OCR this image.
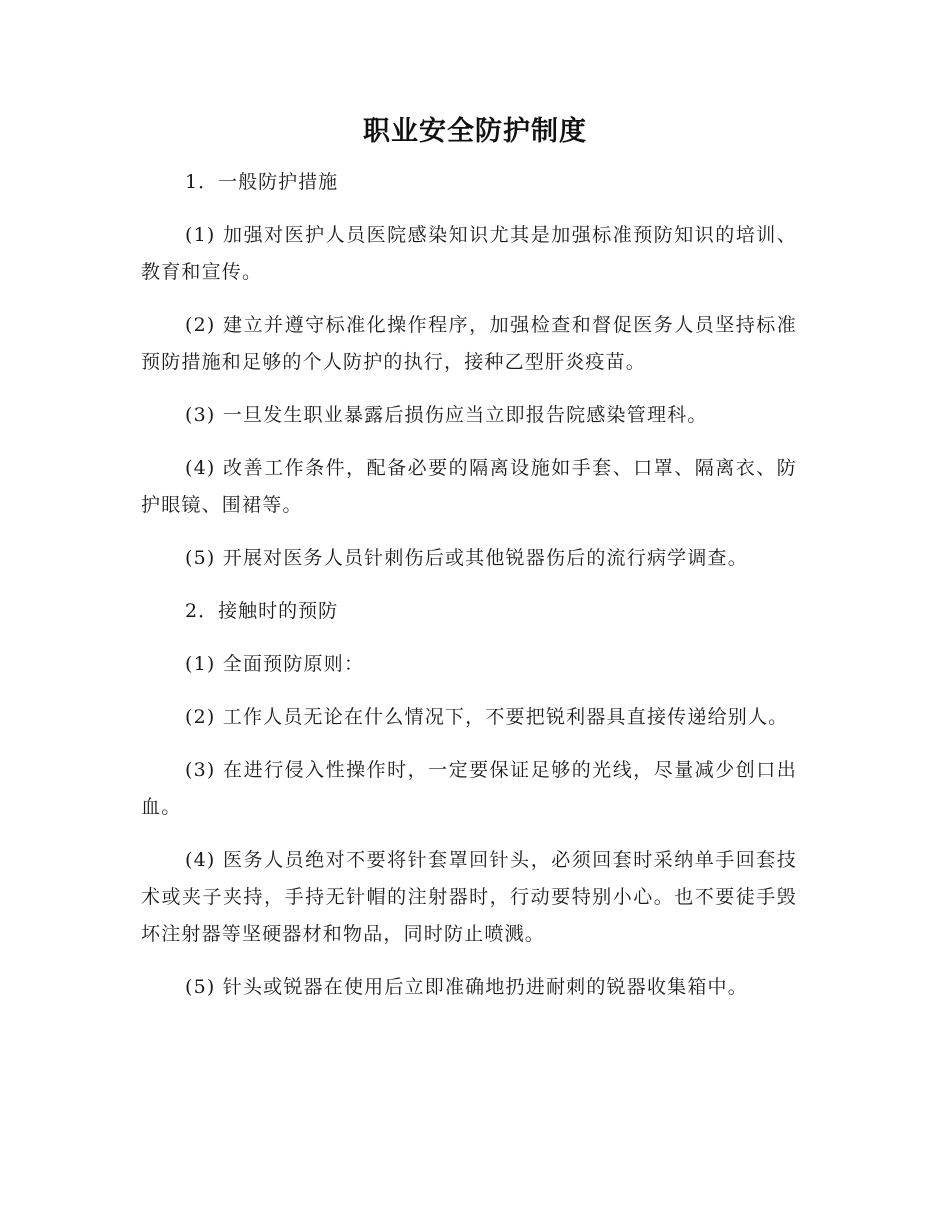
职业安全防护制度

1．一般防护措施

(1) 加强对医护人员医院感染知识尤其是加强标准预防知识的培训、教育和宣传。

(2) 建立并遵守标准化操作程序，加强检查和督促医务人员坚持标准预防措施和足够的个人防护的执行，接种乙型肝炎疫苗。

(3) 一旦发生职业暴露后损伤应当立即报告院感染管理科。

(4) 改善工作条件，配备必要的隔离设施如手套、口罩、隔离衣、防护眼镜、围裙等。

(5) 开展对医务人员针刺伤后或其他锐器伤后的流行病学调查。

2．接触时的预防

(1) 全面预防原则：

(2) 工作人员无论在什么情况下，不要把锐利器具直接传递给别人。

(3) 在进行侵入性操作时，一定要保证足够的光线，尽量减少创口出血。

(4) 医务人员绝对不要将针套罩回针头，必须回套时采纳单手回套技术或夹子夹持，手持无针帽的注射器时，行动要特别小心。也不要徒手毁坏注射器等坚硬器材和物品，同时防止喷溅。

(5) 针头或锐器在使用后立即准确地扔进耐刺的锐器收集箱中。
